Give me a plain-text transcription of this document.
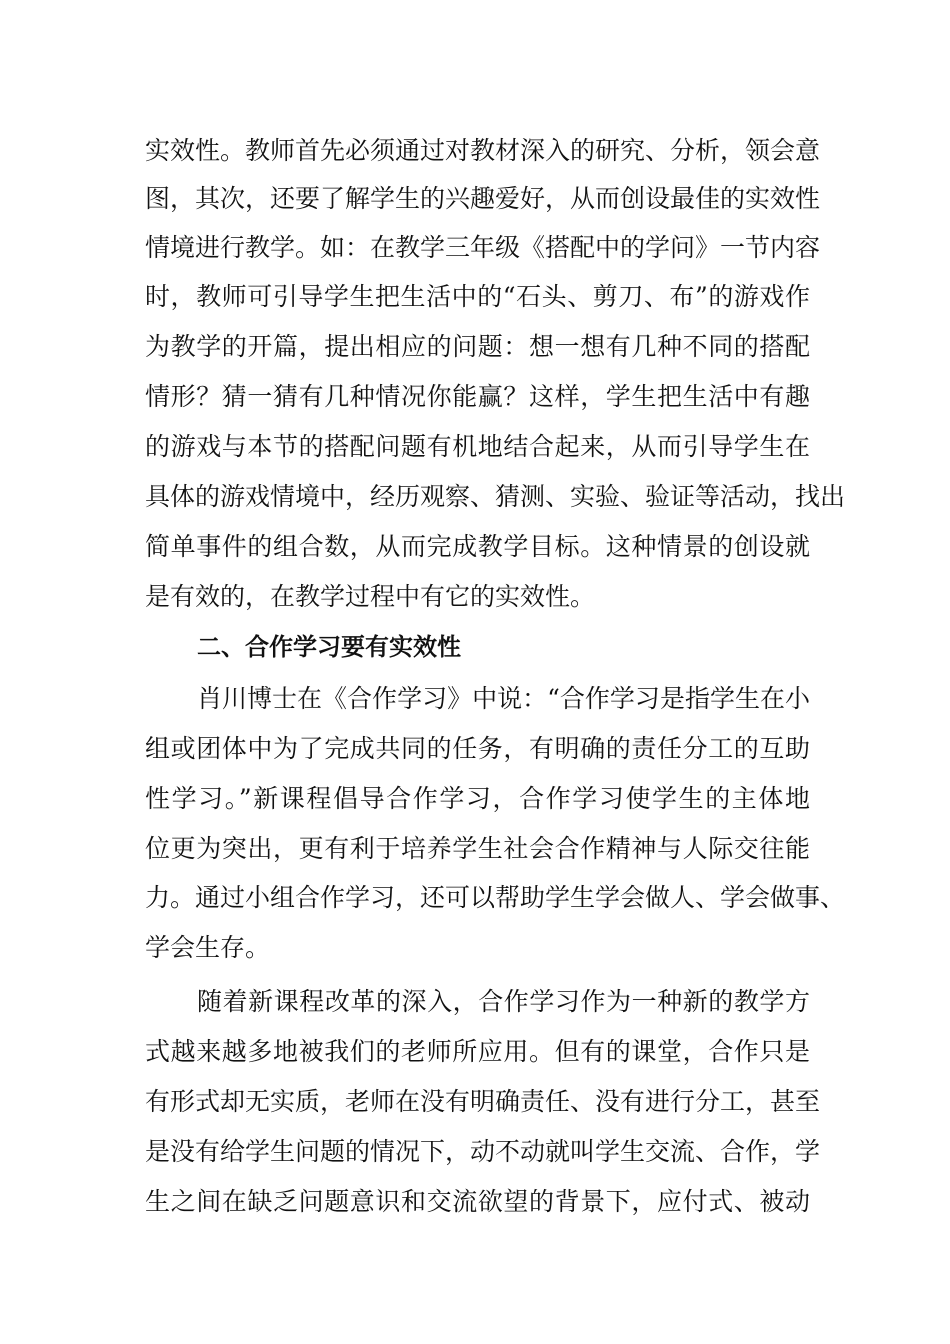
实效性。教师首先必须通过对教材深入的研究、分析，领会意
图，其次，还要了解学生的兴趣爱好，从而创设最佳的实效性
情境进行教学。如：在教学三年级《搭配中的学问》一节内容
时，教师可引导学生把生活中的“石头、剪刀、布”的游戏作
为教学的开篇，提出相应的问题：想一想有几种不同的搭配
情形？猜一猜有几种情况你能赢？这样，学生把生活中有趣
的游戏与本节的搭配问题有机地结合起来，从而引导学生在
具体的游戏情境中，经历观察、猜测、实验、验证等活动，找出
简单事件的组合数，从而完成教学目标。这种情景的创设就
是有效的，在教学过程中有它的实效性。
二、合作学习要有实效性
肖川博士在《合作学习》中说：“合作学习是指学生在小
组或团体中为了完成共同的任务，有明确的责任分工的互助
性学习。”新课程倡导合作学习，合作学习使学生的主体地
位更为突出，更有利于培养学生社会合作精神与人际交往能
力。通过小组合作学习，还可以帮助学生学会做人、学会做事、
学会生存。
随着新课程改革的深入，合作学习作为一种新的教学方
式越来越多地被我们的老师所应用。但有的课堂，合作只是
有形式却无实质，老师在没有明确责任、没有进行分工，甚至
是没有给学生问题的情况下，动不动就叫学生交流、合作，学
生之间在缺乏问题意识和交流欲望的背景下，应付式、被动
